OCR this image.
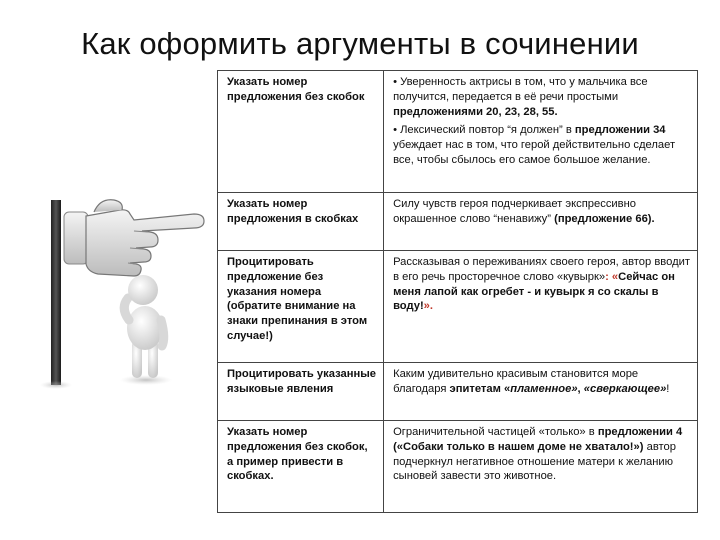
Как оформить аргументы в сочинении
Указать номер предложения без скобок	• Уверенность актрисы в том, что у мальчика все получится, передается в её речи простыми предложениями 20, 23, 28, 55.
• Лексический повтор “я должен” в предложении 34 убеждает нас в том, что герой действительно сделает все, чтобы сбылось его самое большое желание.

Указать номер предложения в скобках	Силу чувств героя подчеркивает экспрессивно окрашенное слово “ненавижу” (предложение 66).
Процитировать предложение без указания номера (обратите внимание на знаки препинания в этом случае!)	Рассказывая о переживаниях своего героя, автор вводит в его речь просторечное слово «кувырк»: «Сейчас он меня лапой как огребет - и кувырк я со скалы в воду!».
Процитировать указанные языковые явления	Каким удивительно красивым становится море благодаря эпитетам «пламенное», «сверкающее»!
Указать номер предложения без скобок, а пример привести в скобках.	Ограничительной частицей «только» в предложении 4 («Собаки только в нашем доме не хватало!») автор подчеркнул негативное отношение матери к желанию сыновей завести это животное.
